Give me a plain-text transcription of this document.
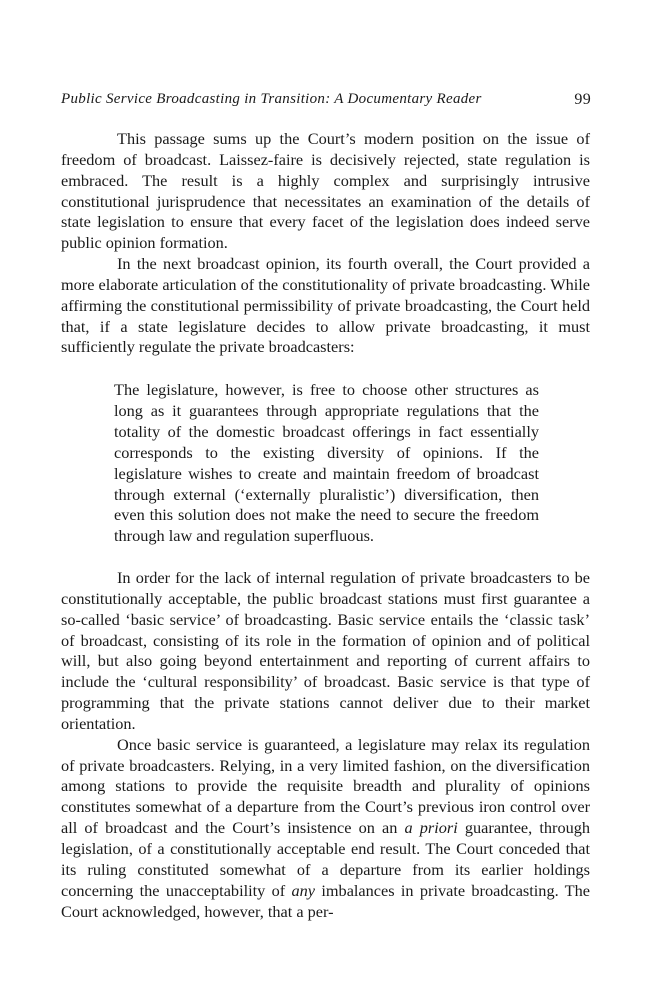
Public Service Broadcasting in Transition: A Documentary Reader	99

This passage sums up the Court’s modern position on the issue of freedom of broadcast. Laissez-faire is decisively rejected, state regulation is embraced. The result is a highly complex and surprisingly intrusive constitutional jurisprudence that necessitates an examination of the details of state legislation to ensure that every facet of the legislation does indeed serve public opinion formation.

In the next broadcast opinion, its fourth overall, the Court provided a more elaborate articulation of the constitutionality of private broadcasting. While affirming the constitutional permissibility of private broadcasting, the Court held that, if a state legislature decides to allow private broadcasting, it must sufficiently regulate the private broadcasters:

The legislature, however, is free to choose other structures as long as it guarantees through appropriate regulations that the totality of the domestic broadcast offerings in fact essentially corresponds to the existing diversity of opinions. If the legislature wishes to create and maintain freedom of broadcast through external (‘externally pluralistic’) diversification, then even this solution does not make the need to secure the freedom through law and regulation superfluous.

In order for the lack of internal regulation of private broadcasters to be constitutionally acceptable, the public broadcast stations must first guarantee a so-called ‘basic service’ of broadcasting. Basic service entails the ‘classic task’ of broadcast, consisting of its role in the formation of opinion and of political will, but also going beyond entertainment and reporting of current affairs to include the ‘cultural responsibility’ of broadcast. Basic service is that type of programming that the private stations cannot deliver due to their market orientation.

Once basic service is guaranteed, a legislature may relax its regulation of private broadcasters. Relying, in a very limited fashion, on the diversification among stations to provide the requisite breadth and plurality of opinions constitutes somewhat of a departure from the Court’s previous iron control over all of broadcast and the Court’s insistence on an a priori guarantee, through legislation, of a constitutionally acceptable end result. The Court conceded that its ruling constituted somewhat of a departure from its earlier holdings concerning the unacceptability of any imbalances in private broadcasting. The Court acknowledged, however, that a per-
